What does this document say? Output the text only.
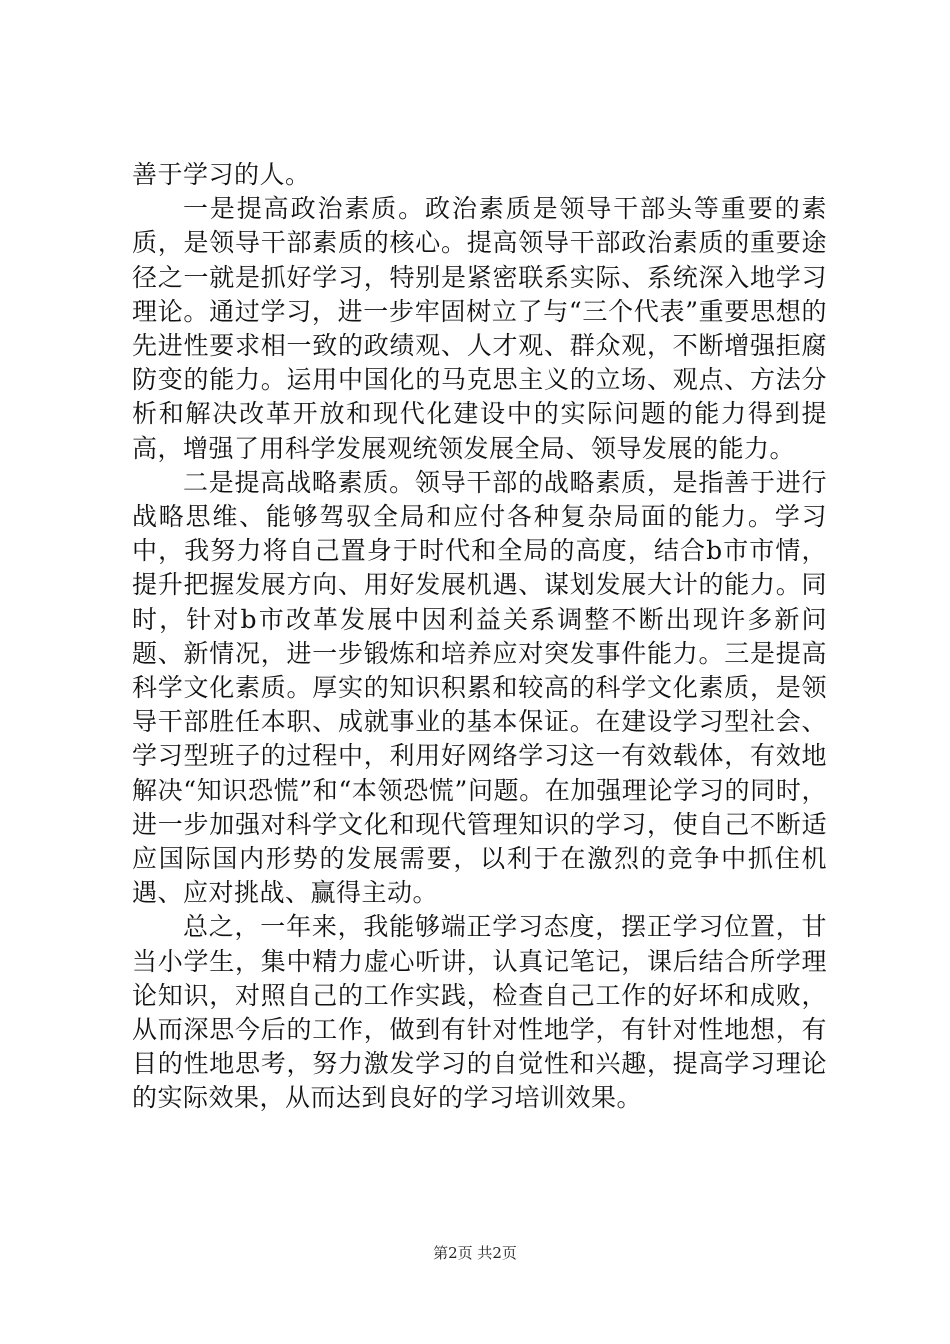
善于学习的人。

一是提高政治素质。政治素质是领导干部头等重要的素质，是领导干部素质的核心。提高领导干部政治素质的重要途径之一就是抓好学习，特别是紧密联系实际、系统深入地学习理论。通过学习，进一步牢固树立了与“三个代表”重要思想的先进性要求相一致的政绩观、人才观、群众观，不断增强拒腐防变的能力。运用中国化的马克思主义的立场、观点、方法分析和解决改革开放和现代化建设中的实际问题的能力得到提高，增强了用科学发展观统领发展全局、领导发展的能力。

二是提高战略素质。领导干部的战略素质，是指善于进行战略思维、能够驾驭全局和应付各种复杂局面的能力。学习中，我努力将自己置身于时代和全局的高度，结合b市市情，提升把握发展方向、用好发展机遇、谋划发展大计的能力。同时，针对b市改革发展中因利益关系调整不断出现许多新问题、新情况，进一步锻炼和培养应对突发事件能力。三是提高科学文化素质。厚实的知识积累和较高的科学文化素质，是领导干部胜任本职、成就事业的基本保证。在建设学习型社会、学习型班子的过程中，利用好网络学习这一有效载体，有效地解决“知识恐慌”和“本领恐慌”问题。在加强理论学习的同时，进一步加强对科学文化和现代管理知识的学习，使自己不断适应国际国内形势的发展需要，以利于在激烈的竞争中抓住机遇、应对挑战、赢得主动。

总之，一年来，我能够端正学习态度，摆正学习位置，甘当小学生，集中精力虚心听讲，认真记笔记，课后结合所学理论知识，对照自己的工作实践，检查自己工作的好坏和成败，从而深思今后的工作，做到有针对性地学，有针对性地想，有目的性地思考，努力激发学习的自觉性和兴趣，提高学习理论的实际效果，从而达到良好的学习培训效果。

第2页 共2页
